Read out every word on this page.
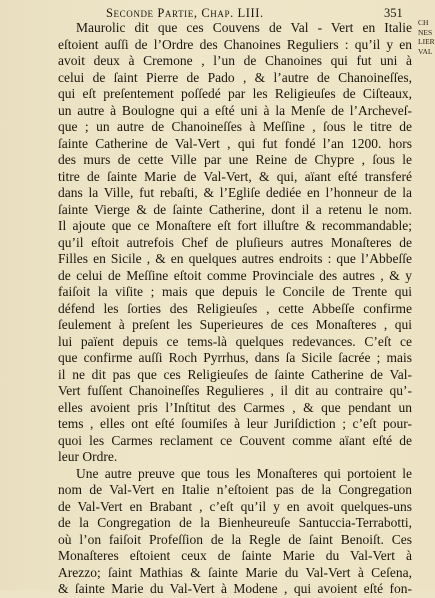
Seconde Partie, Chap. LIII.	351
CH
NES
LIER
VAL
Maurolic dit que ces Couvens de Val - Vert en Italie
eſtoient auſſi de l’Ordre des Chanoines Reguliers : qu’il y en
avoit deux à Cremone , l’un de Chanoines qui fut uni à
celui de ſaint Pierre de Pado , & l’autre de Chanoineſſes,
qui eſt preſentement poſſedé par les Religieuſes de Ciſteaux,
un autre à Boulogne qui a eſté uni à la Menſe de l’Archeveſ-
que ; un autre de Chanoineſſes à Meſſine , ſous le titre de
ſainte Catherine de Val-Vert , qui fut fondé l’an 1200. hors
des murs de cette Ville par une Reine de Chypre , ſous le
titre de ſainte Marie de Val-Vert, & qui, aïant eſté transferé
dans la Ville, fut rebaſti, & l’Egliſe dediée en l’honneur de la
ſainte Vierge & de ſainte Catherine, dont il a retenu le nom.
Il ajoute que ce Monaſtere eſt fort illuſtre & recommandable;
qu’il eſtoit autrefois Chef de pluſieurs autres Monaſteres de
Filles en Sicile , & en quelques autres endroits : que l’Abbeſſe
de celui de Meſſine eſtoit comme Provinciale des autres , & y
faiſoit la viſite ; mais que depuis le Concile de Trente qui
défend les ſorties des Religieuſes , cette Abbeſſe confirme
ſeulement à preſent les Superieures de ces Monaſteres , qui
lui païent depuis ce tems-là quelques redevances. C’eſt ce
que confirme auſſi Roch Pyrrhus, dans ſa Sicile ſacrée ; mais
il ne dit pas que ces Religieuſes de ſainte Catherine de Val-
Vert fuſſent Chanoineſſes Regulieres , il dit au contraire qu’-
elles avoient pris l’Inſtitut des Carmes , & que pendant un
tems , elles ont eſté ſoumiſes à leur Juriſdiction ; c’eſt pour-
quoi les Carmes reclament ce Couvent comme aïant eſté de
leur Ordre.
Une autre preuve que tous les Monaſteres qui portoient le
nom de Val-Vert en Italie n’eſtoient pas de la Congregation
de Val-Vert en Brabant , c’eſt qu’il y en avoit quelques-uns
de la Congregation de la Bienheureuſe Santuccia-Terrabotti,
où l’on faiſoit Profeſſion de la Regle de ſaint Benoiſt. Ces
Monaſteres eſtoient ceux de ſainte Marie du Val-Vert à
Arezzo; ſaint Mathias & ſainte Marie du Val-Vert à Ceſena,
& ſainte Marie du Val-Vert à Modene , qui avoient eſté fon-
